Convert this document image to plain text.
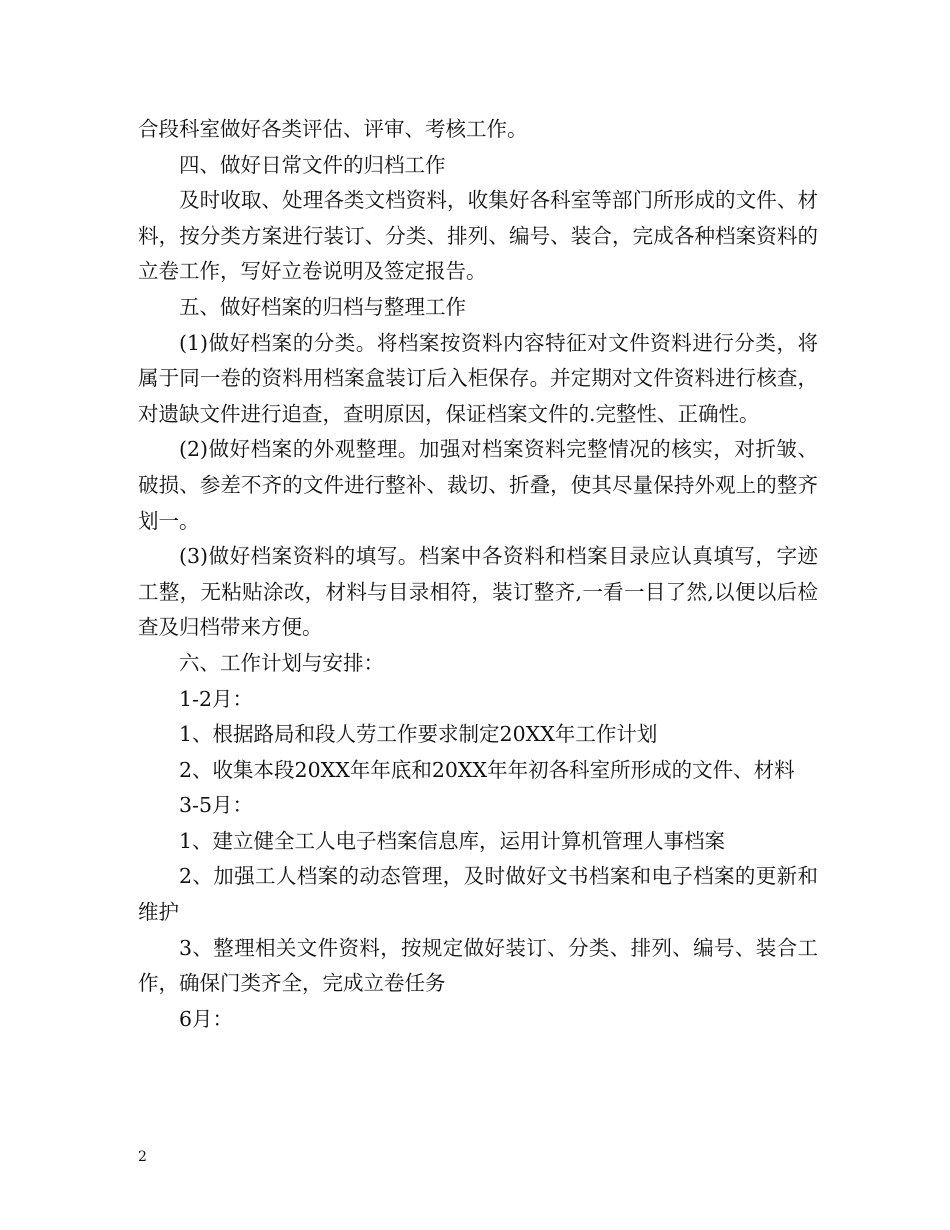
合段科室做好各类评估、评审、考核工作。

四、做好日常文件的归档工作

及时收取、处理各类文档资料，收集好各科室等部门所形成的文件、材料，按分类方案进行装订、分类、排列、编号、装合，完成各种档案资料的立卷工作，写好立卷说明及签定报告。

五、做好档案的归档与整理工作

(1)做好档案的分类。将档案按资料内容特征对文件资料进行分类，将属于同一卷的资料用档案盒装订后入柜保存。并定期对文件资料进行核查，对遗缺文件进行追查，查明原因，保证档案文件的.完整性、正确性。

(2)做好档案的外观整理。加强对档案资料完整情况的核实，对折皱、破损、参差不齐的文件进行整补、裁切、折叠，使其尽量保持外观上的整齐划一。

(3)做好档案资料的填写。档案中各资料和档案目录应认真填写，字迹工整，无粘贴涂改，材料与目录相符，装订整齐,一看一目了然,以便以后检查及归档带来方便。

六、工作计划与安排：

1-2月：

1、根据路局和段人劳工作要求制定20XX年工作计划

2、收集本段20XX年年底和20XX年年初各科室所形成的文件、材料

3-5月：

1、建立健全工人电子档案信息库，运用计算机管理人事档案

2、加强工人档案的动态管理，及时做好文书档案和电子档案的更新和维护

3、整理相关文件资料，按规定做好装订、分类、排列、编号、装合工作，确保门类齐全，完成立卷任务

6月：

2
